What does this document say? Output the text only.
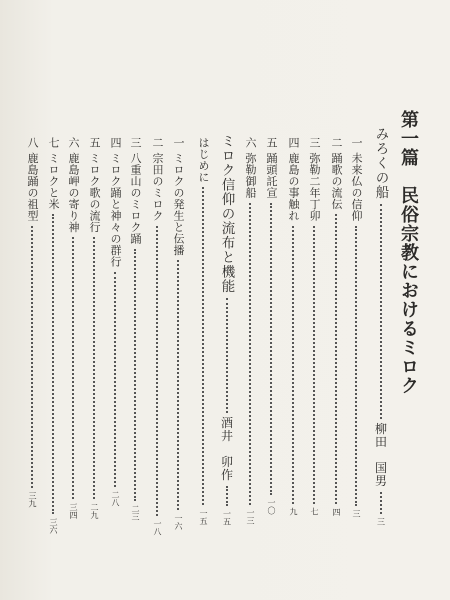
第一篇　民俗宗教におけるミロク
みろくの船柳田　国男三
一未来仏の信仰三
二踊歌の流伝四
三弥勒二年丁卯七
四鹿島の事触れ九
五踊頭託宣一〇
六弥勒御船一三
ミロク信仰の流布と機能酒井　卯作一五
はじめに一五
一ミロクの発生と伝播一六
二宗田のミロク一八
三八重山のミロク踊二三
四ミロク踊と神々の群行二八
五ミロク歌の流行二九
六鹿島岬の寄り神三四
七ミロクと米三六
八鹿島踊の祖型三九
